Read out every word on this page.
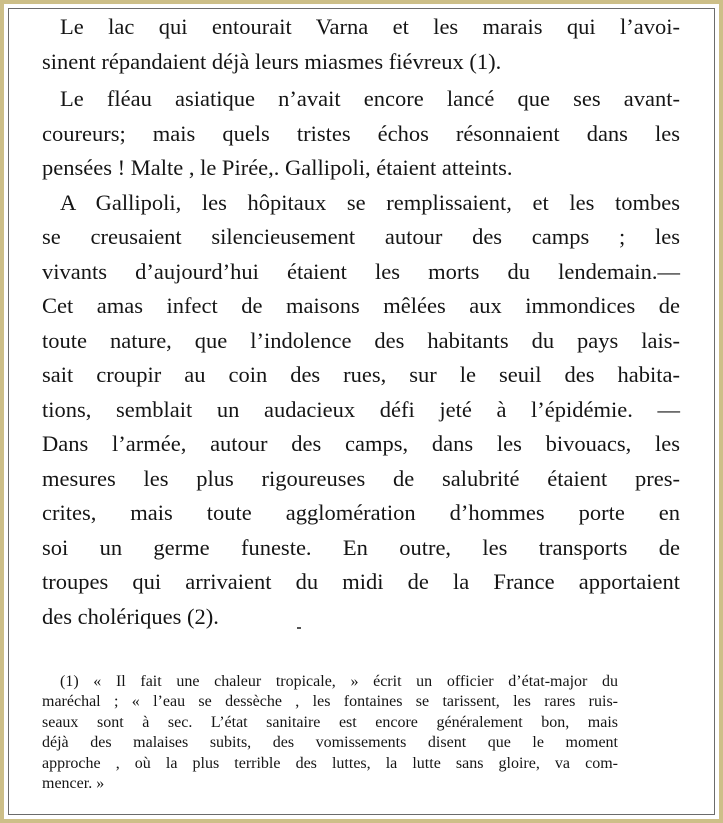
Le lac qui entourait Varna et les marais qui l’avoi-
sinent répandaient déjà leurs miasmes fiévreux (1).
Le fléau asiatique n’avait encore lancé que ses avant-
coureurs; mais quels tristes échos résonnaient dans les
pensées ! Malte , le Pirée,. Gallipoli, étaient atteints.
A Gallipoli, les hôpitaux se remplissaient, et les tombes
se creusaient silencieusement autour des camps ; les
vivants d’aujourd’hui étaient les morts du lendemain.—
Cet amas infect de maisons mêlées aux immondices de
toute nature, que l’indolence des habitants du pays lais-
sait croupir au coin des rues, sur le seuil des habita-
tions, semblait un audacieux défi jeté à l’épidémie. —
Dans l’armée, autour des camps, dans les bivouacs, les
mesures les plus rigoureuses de salubrité étaient pres-
crites, mais toute agglomération d’hommes porte en
soi un germe funeste. En outre, les transports de
troupes qui arrivaient du midi de la France apportaient
des cholériques (2).
(1) « Il fait une chaleur tropicale, » écrit un officier d’état-major du
maréchal ; « l’eau se dessèche , les fontaines se tarissent, les rares ruis-
seaux sont à sec. L’état sanitaire est encore généralement bon, mais
déjà des malaises subits, des vomissements disent que le moment
approche , où la plus terrible des luttes, la lutte sans gloire, va com-
mencer. »
